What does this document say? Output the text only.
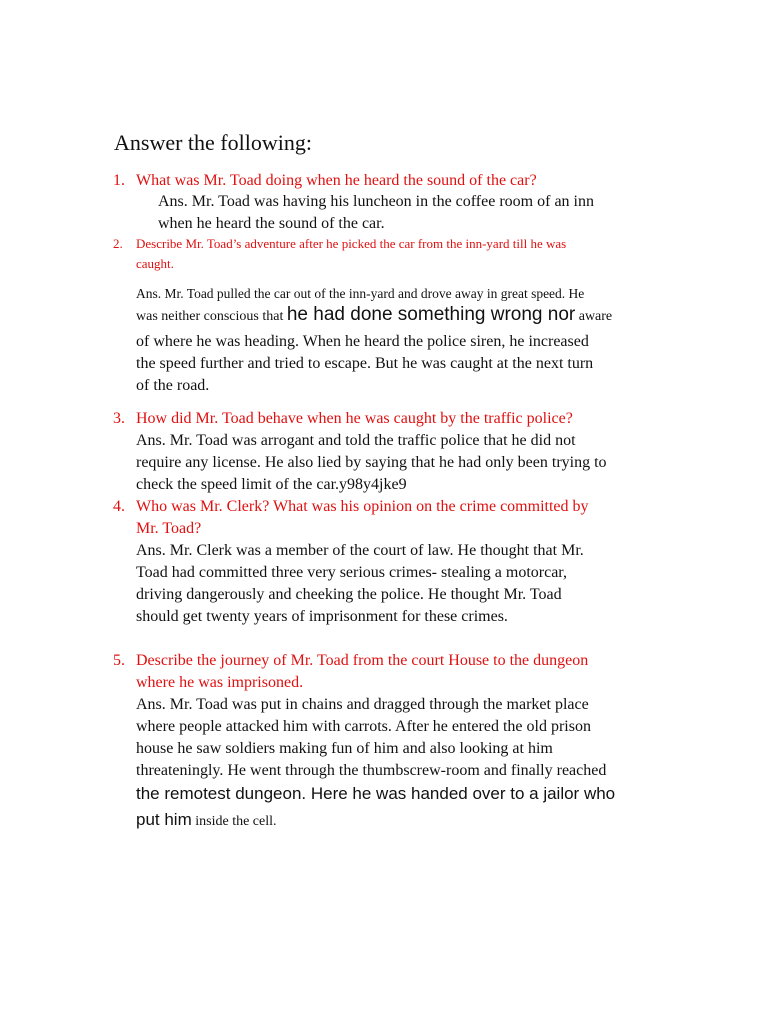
Answer the following:
1. What was Mr. Toad doing when he heard the sound of the car?
Ans. Mr. Toad was having his luncheon in the coffee room of an inn
when he heard the sound of the car.
2. Describe Mr. Toad’s adventure after he picked the car from the inn-yard till he was
caught.
Ans. Mr. Toad pulled the car out of the inn-yard and drove away in great speed. He
was neither conscious that he had done something wrong nor aware
of where he was heading. When he heard the police siren, he increased
the speed further and tried to escape. But he was caught at the next turn
of the road.
3. How did Mr. Toad behave when he was caught by the traffic police?
Ans. Mr. Toad was arrogant and told the traffic police that he did not
require any license. He also lied by saying that he had only been trying to
check the speed limit of the car.y98y4jke9
4. Who was Mr. Clerk? What was his opinion on the crime committed by
Mr. Toad?
Ans. Mr. Clerk was a member of the court of law. He thought that Mr.
Toad had committed three very serious crimes- stealing a motorcar,
driving dangerously and cheeking the police. He thought Mr. Toad
should get twenty years of imprisonment for these crimes.
5. Describe the journey of Mr. Toad from the court House to the dungeon
where he was imprisoned.
Ans. Mr. Toad was put in chains and dragged through the market place
where people attacked him with carrots. After he entered the old prison
house he saw soldiers making fun of him and also looking at him
threateningly. He went through the thumbscrew-room and finally reached
the remotest dungeon. Here he was handed over to a jailor who
put him inside the cell.
